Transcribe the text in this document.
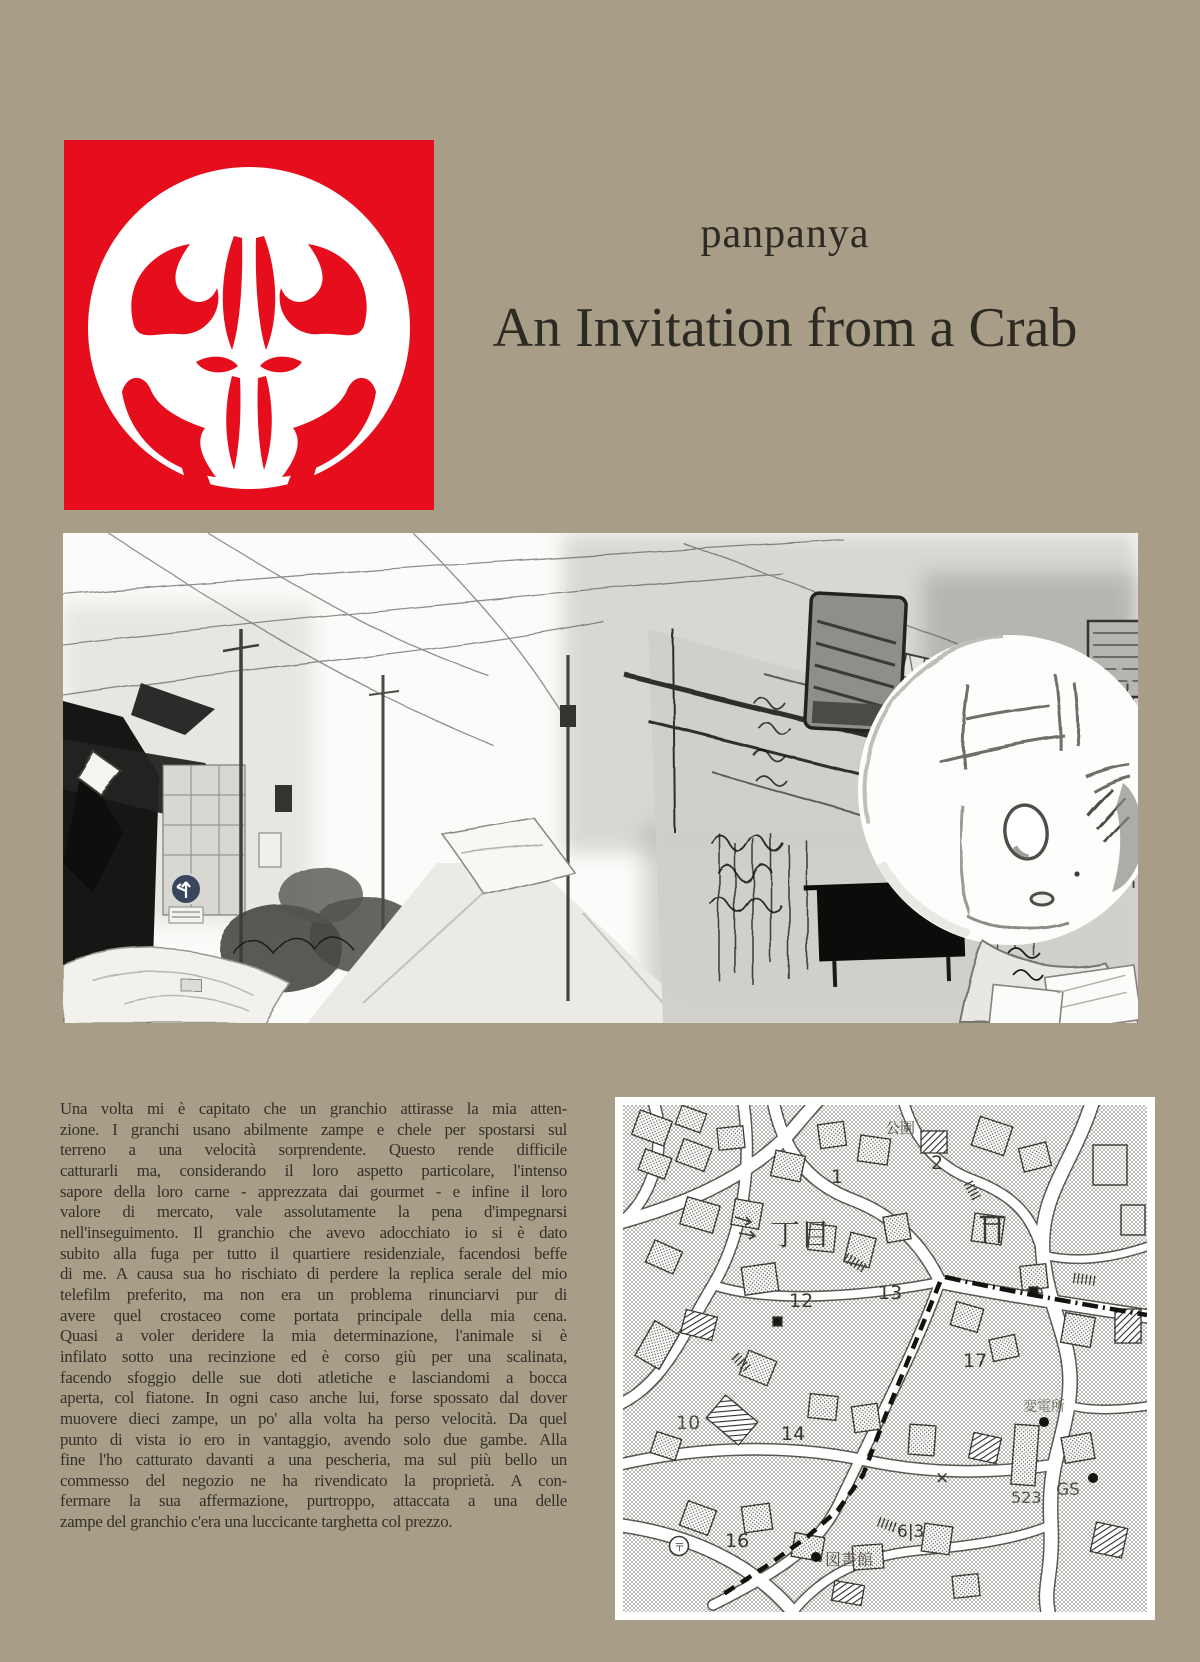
panpanya
An Invitation from a Crab
Una volta mi è capitato che un granchio attirasse la mia atten-
zione. I granchi usano abilmente zampe e chele per spostarsi sul
terreno a una velocità sorprendente. Questo rende difficile
catturarli ma, considerando il loro aspetto particolare, l'intenso
sapore della loro carne - apprezzata dai gourmet - e infine il loro
valore di mercato, vale assolutamente la pena d'impegnarsi
nell'inseguimento. Il granchio che avevo adocchiato io si è dato
subito alla fuga per tutto il quartiere residenziale, facendosi beffe
di me. A causa sua ho rischiato di perdere la replica serale del mio
telefilm preferito, ma non era un problema rinunciarvi pur di
avere quel crostaceo come portata principale della mia cena.
Quasi a voler deridere la mia determinazione, l'animale si è
infilato sotto una recinzione ed è corso giù per una scalinata,
facendo sfoggio delle sue doti atletiche e lasciandomi a bocca
aperta, col fiatone. In ogni caso anche lui, forse spossato dal dover
muovere dieci zampe, un po' alla volta ha perso velocità. Da quel
punto di vista io ero in vantaggio, avendo solo due gambe. Alla
fine l'ho catturato davanti a una pescheria, ma sul più bello un
commesso del negozio ne ha rivendicato la proprietà. A con-
fermare la sua affermazione, purtroppo, attaccata a una delle
zampe del granchio c'era una luccicante targhetta col prezzo.
公園
2
1
丁目
13
12
17
変電所
10	14
×
523 GS
6|3
16
図書館
〒
